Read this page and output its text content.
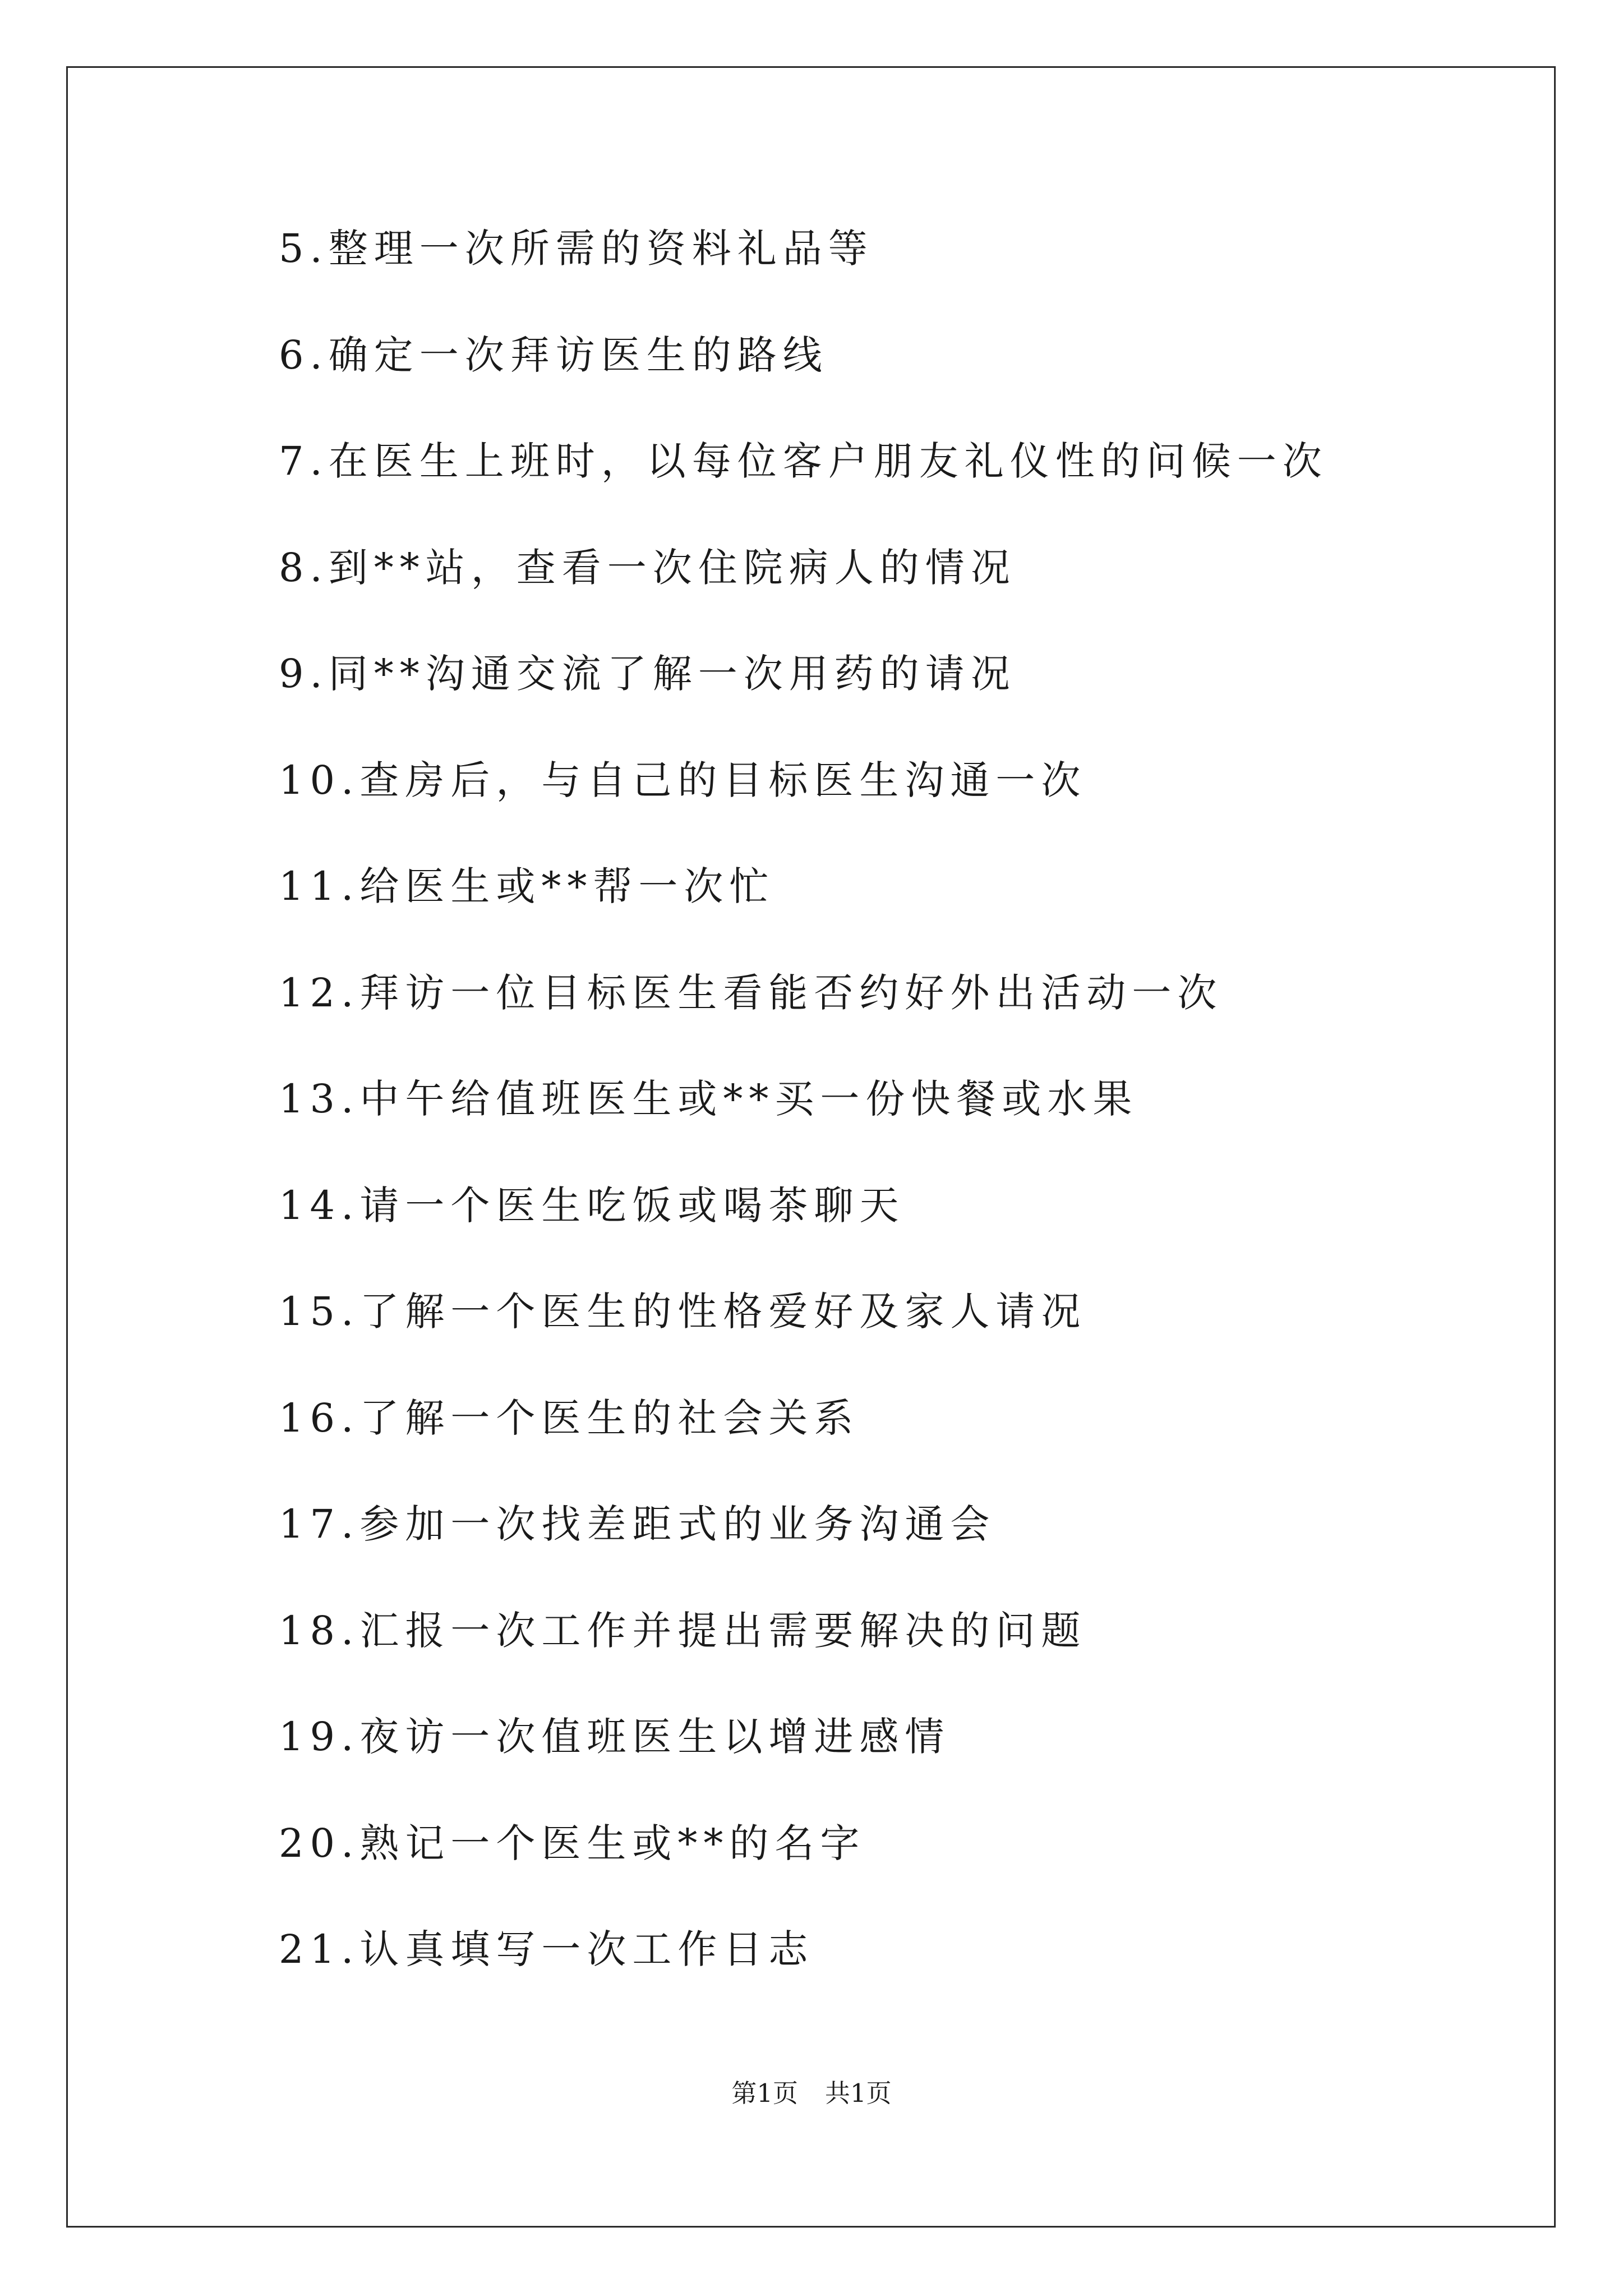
5.整理一次所需的资料礼品等
6.确定一次拜访医生的路线
7.在医生上班时，以每位客户朋友礼仪性的问候一次
8.到**站，查看一次住院病人的情况
9.同**沟通交流了解一次用药的请况
10.查房后，与自己的目标医生沟通一次
11.给医生或**帮一次忙
12.拜访一位目标医生看能否约好外出活动一次
13.中午给值班医生或**买一份快餐或水果
14.请一个医生吃饭或喝茶聊天
15.了解一个医生的性格爱好及家人请况
16.了解一个医生的社会关系
17.参加一次找差距式的业务沟通会
18.汇报一次工作并提出需要解决的问题
19.夜访一次值班医生以增进感情
20.熟记一个医生或**的名字
21.认真填写一次工作日志
第1页 共1页
